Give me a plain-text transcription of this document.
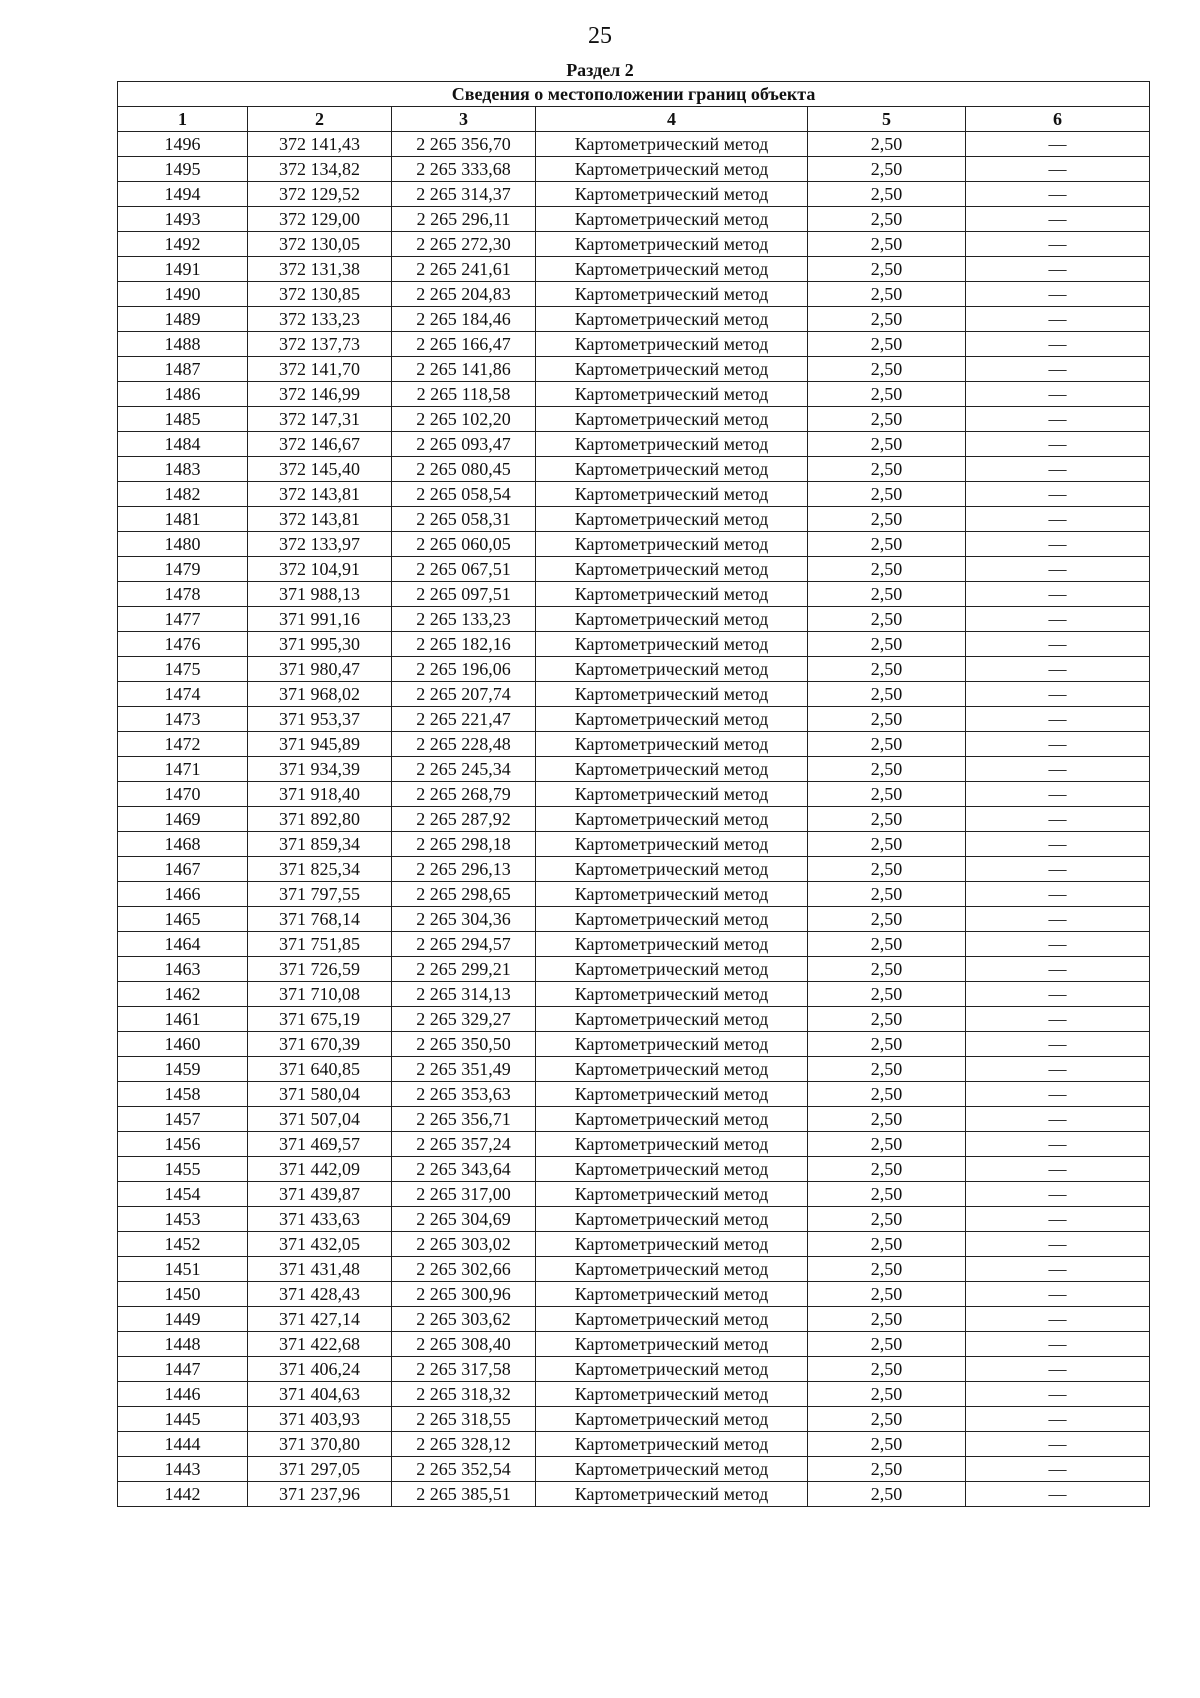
25
Раздел 2
Сведения о местоположении границ объекта					
1	2	3	4	5	6
1496	372 141,43	2 265 356,70	Картометрический метод	2,50	—
1495	372 134,82	2 265 333,68	Картометрический метод	2,50	—
1494	372 129,52	2 265 314,37	Картометрический метод	2,50	—
1493	372 129,00	2 265 296,11	Картометрический метод	2,50	—
1492	372 130,05	2 265 272,30	Картометрический метод	2,50	—
1491	372 131,38	2 265 241,61	Картометрический метод	2,50	—
1490	372 130,85	2 265 204,83	Картометрический метод	2,50	—
1489	372 133,23	2 265 184,46	Картометрический метод	2,50	—
1488	372 137,73	2 265 166,47	Картометрический метод	2,50	—
1487	372 141,70	2 265 141,86	Картометрический метод	2,50	—
1486	372 146,99	2 265 118,58	Картометрический метод	2,50	—
1485	372 147,31	2 265 102,20	Картометрический метод	2,50	—
1484	372 146,67	2 265 093,47	Картометрический метод	2,50	—
1483	372 145,40	2 265 080,45	Картометрический метод	2,50	—
1482	372 143,81	2 265 058,54	Картометрический метод	2,50	—
1481	372 143,81	2 265 058,31	Картометрический метод	2,50	—
1480	372 133,97	2 265 060,05	Картометрический метод	2,50	—
1479	372 104,91	2 265 067,51	Картометрический метод	2,50	—
1478	371 988,13	2 265 097,51	Картометрический метод	2,50	—
1477	371 991,16	2 265 133,23	Картометрический метод	2,50	—
1476	371 995,30	2 265 182,16	Картометрический метод	2,50	—
1475	371 980,47	2 265 196,06	Картометрический метод	2,50	—
1474	371 968,02	2 265 207,74	Картометрический метод	2,50	—
1473	371 953,37	2 265 221,47	Картометрический метод	2,50	—
1472	371 945,89	2 265 228,48	Картометрический метод	2,50	—
1471	371 934,39	2 265 245,34	Картометрический метод	2,50	—
1470	371 918,40	2 265 268,79	Картометрический метод	2,50	—
1469	371 892,80	2 265 287,92	Картометрический метод	2,50	—
1468	371 859,34	2 265 298,18	Картометрический метод	2,50	—
1467	371 825,34	2 265 296,13	Картометрический метод	2,50	—
1466	371 797,55	2 265 298,65	Картометрический метод	2,50	—
1465	371 768,14	2 265 304,36	Картометрический метод	2,50	—
1464	371 751,85	2 265 294,57	Картометрический метод	2,50	—
1463	371 726,59	2 265 299,21	Картометрический метод	2,50	—
1462	371 710,08	2 265 314,13	Картометрический метод	2,50	—
1461	371 675,19	2 265 329,27	Картометрический метод	2,50	—
1460	371 670,39	2 265 350,50	Картометрический метод	2,50	—
1459	371 640,85	2 265 351,49	Картометрический метод	2,50	—
1458	371 580,04	2 265 353,63	Картометрический метод	2,50	—
1457	371 507,04	2 265 356,71	Картометрический метод	2,50	—
1456	371 469,57	2 265 357,24	Картометрический метод	2,50	—
1455	371 442,09	2 265 343,64	Картометрический метод	2,50	—
1454	371 439,87	2 265 317,00	Картометрический метод	2,50	—
1453	371 433,63	2 265 304,69	Картометрический метод	2,50	—
1452	371 432,05	2 265 303,02	Картометрический метод	2,50	—
1451	371 431,48	2 265 302,66	Картометрический метод	2,50	—
1450	371 428,43	2 265 300,96	Картометрический метод	2,50	—
1449	371 427,14	2 265 303,62	Картометрический метод	2,50	—
1448	371 422,68	2 265 308,40	Картометрический метод	2,50	—
1447	371 406,24	2 265 317,58	Картометрический метод	2,50	—
1446	371 404,63	2 265 318,32	Картометрический метод	2,50	—
1445	371 403,93	2 265 318,55	Картометрический метод	2,50	—
1444	371 370,80	2 265 328,12	Картометрический метод	2,50	—
1443	371 297,05	2 265 352,54	Картометрический метод	2,50	—
1442	371 237,96	2 265 385,51	Картометрический метод	2,50	—
